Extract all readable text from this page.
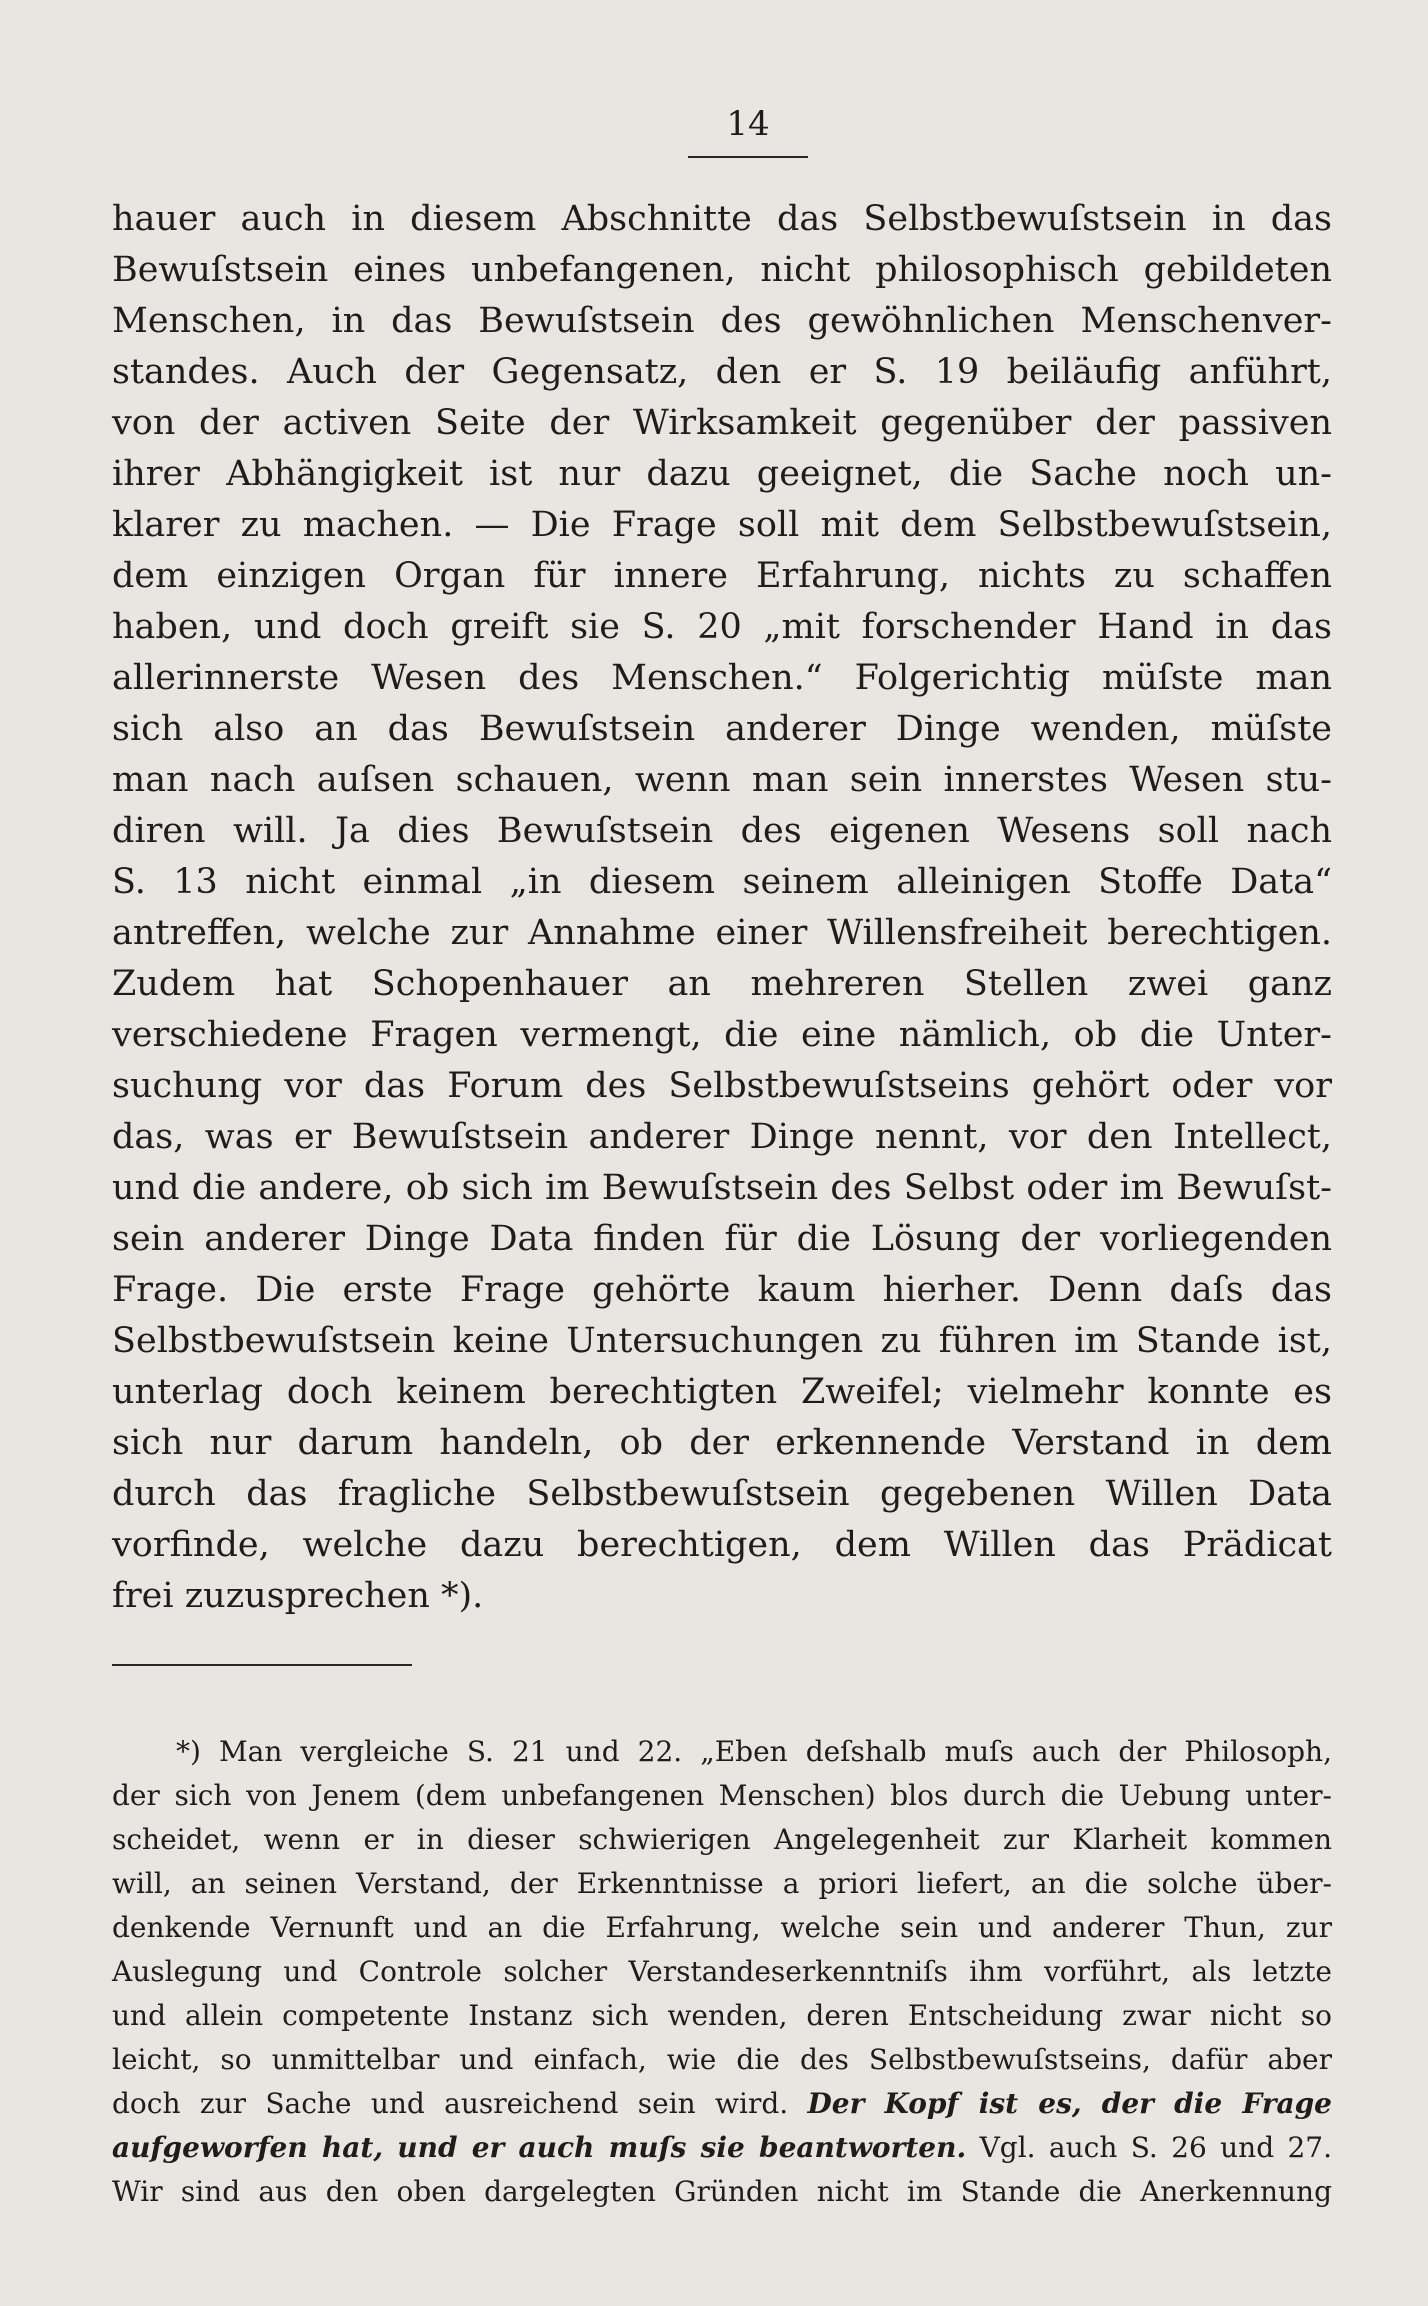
14
hauer auch in diesem Abschnitte das Selbstbewuſstsein in das
Bewuſstsein eines unbefangenen, nicht philosophisch gebildeten
Menschen, in das Bewuſstsein des gewöhnlichen Menschenver-
standes. Auch der Gegensatz, den er S. 19 beiläufig anführt,
von der activen Seite der Wirksamkeit gegenüber der passiven
ihrer Abhängigkeit ist nur dazu geeignet, die Sache noch un-
klarer zu machen. — Die Frage soll mit dem Selbstbewuſstsein,
dem einzigen Organ für innere Erfahrung, nichts zu schaffen
haben, und doch greift sie S. 20 „mit forschender Hand in das
allerinnerste Wesen des Menschen.“ Folgerichtig müſste man
sich also an das Bewuſstsein anderer Dinge wenden, müſste
man nach auſsen schauen, wenn man sein innerstes Wesen stu-
diren will. Ja dies Bewuſstsein des eigenen Wesens soll nach
S. 13 nicht einmal „in diesem seinem alleinigen Stoffe Data“
antreffen, welche zur Annahme einer Willensfreiheit berechtigen.
Zudem hat Schopenhauer an mehreren Stellen zwei ganz
verschiedene Fragen vermengt, die eine nämlich, ob die Unter-
suchung vor das Forum des Selbstbewuſstseins gehört oder vor
das, was er Bewuſstsein anderer Dinge nennt, vor den Intellect,
und die andere, ob sich im Bewuſstsein des Selbst oder im Bewuſst-
sein anderer Dinge Data finden für die Lösung der vorliegenden
Frage. Die erste Frage gehörte kaum hierher. Denn daſs das
Selbstbewuſstsein keine Untersuchungen zu führen im Stande ist,
unterlag doch keinem berechtigten Zweifel; vielmehr konnte es
sich nur darum handeln, ob der erkennende Verstand in dem
durch das fragliche Selbstbewuſstsein gegebenen Willen Data
vorfinde, welche dazu berechtigen, dem Willen das Prädicat
frei zuzusprechen *).
*) Man vergleiche S. 21 und 22. „Eben deſshalb muſs auch der Philosoph,
der sich von Jenem (dem unbefangenen Menschen) blos durch die Uebung unter-
scheidet, wenn er in dieser schwierigen Angelegenheit zur Klarheit kommen
will, an seinen Verstand, der Erkenntnisse a priori liefert, an die solche über-
denkende Vernunft und an die Erfahrung, welche sein und anderer Thun, zur
Auslegung und Controle solcher Verstandeserkenntniſs ihm vorführt, als letzte
und allein competente Instanz sich wenden, deren Entscheidung zwar nicht so
leicht, so unmittelbar und einfach, wie die des Selbstbewuſstseins, dafür aber
doch zur Sache und ausreichend sein wird. Der Kopf ist es, der die Frage
aufgeworfen hat, und er auch muſs sie beantworten. Vgl. auch S. 26 und 27.
Wir sind aus den oben dargelegten Gründen nicht im Stande die Anerkennung
